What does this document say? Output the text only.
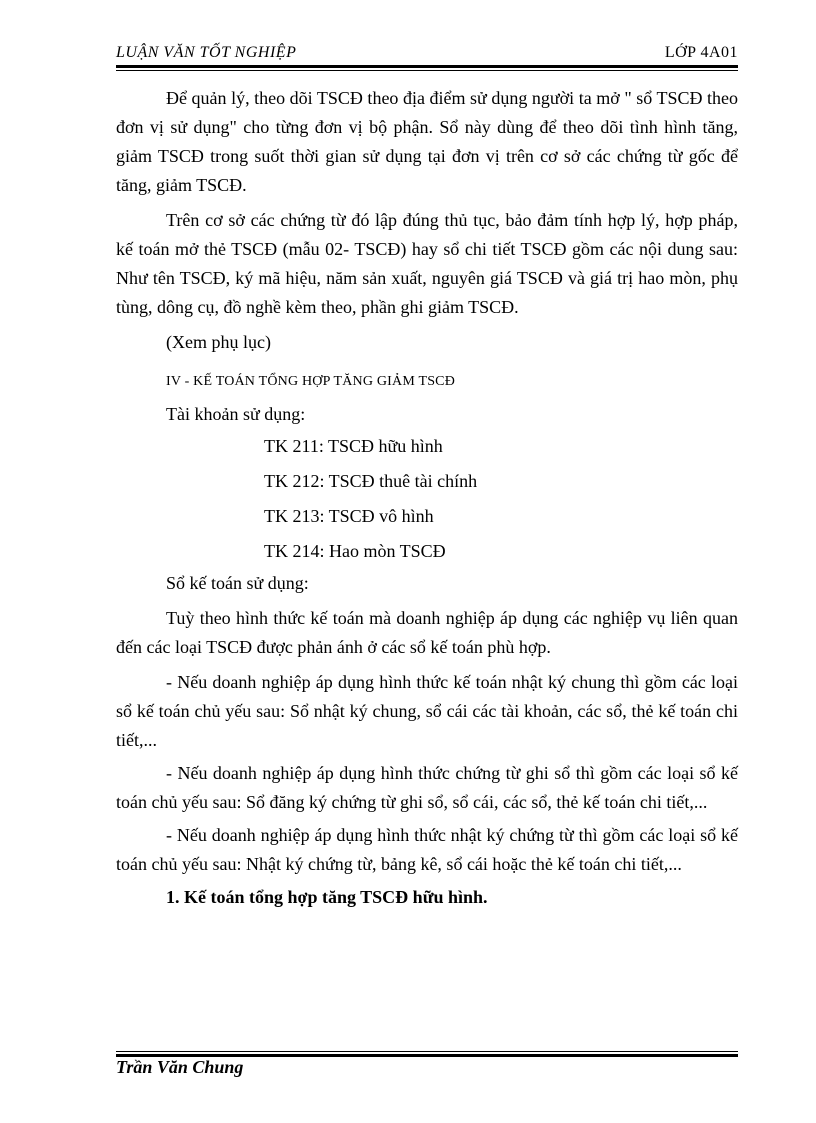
LUẬN VĂN TỐT NGHIỆP	LỚP 4A01

Để quản lý, theo dõi TSCĐ theo địa điểm sử dụng người ta mở " sổ TSCĐ theo đơn vị sử dụng" cho từng đơn vị bộ phận. Sổ này dùng để theo dõi tình hình tăng, giảm TSCĐ trong suốt thời gian sử dụng tại đơn vị trên cơ sở các chứng từ gốc để tăng, giảm TSCĐ.

Trên cơ sở các chứng từ đó lập đúng thủ tục, bảo đảm tính hợp lý, hợp pháp, kế toán mở thẻ TSCĐ (mẫu 02- TSCĐ) hay sổ chi tiết TSCĐ gồm các nội dung sau: Như tên TSCĐ, ký mã hiệu, năm sản xuất, nguyên giá TSCĐ và giá trị hao mòn, phụ tùng, dông cụ, đồ nghề kèm theo, phần ghi giảm TSCĐ.

(Xem phụ lục)

IV - KẾ TOÁN TỔNG HỢP TĂNG GIẢM TSCĐ

Tài khoản sử dụng:

TK 211: TSCĐ hữu hình

TK 212: TSCĐ thuê tài chính

TK 213: TSCĐ vô hình

TK 214: Hao mòn TSCĐ

Sổ kế toán sử dụng:

Tuỳ theo hình thức kế toán mà doanh nghiệp áp dụng các nghiệp vụ liên quan đến các loại TSCĐ được phản ánh ở các sổ kế toán phù hợp.

- Nếu doanh nghiệp áp dụng hình thức kế toán nhật ký chung thì gồm các loại sổ kế toán chủ yếu sau: Sổ nhật ký chung, sổ cái các tài khoản, các sổ, thẻ kế toán chi tiết,...

- Nếu doanh nghiệp áp dụng hình thức chứng từ ghi sổ thì gồm các loại sổ kế toán chủ yếu sau: Sổ đăng ký chứng từ ghi sổ, sổ cái, các sổ, thẻ kế toán chi tiết,...

- Nếu doanh nghiệp áp dụng hình thức nhật ký chứng từ thì gồm các loại sổ kế toán chủ yếu sau: Nhật ký chứng từ, bảng kê, sổ cái hoặc thẻ kế toán chi tiết,...

1. Kế toán tổng hợp tăng TSCĐ hữu hình.

Trần Văn Chung
